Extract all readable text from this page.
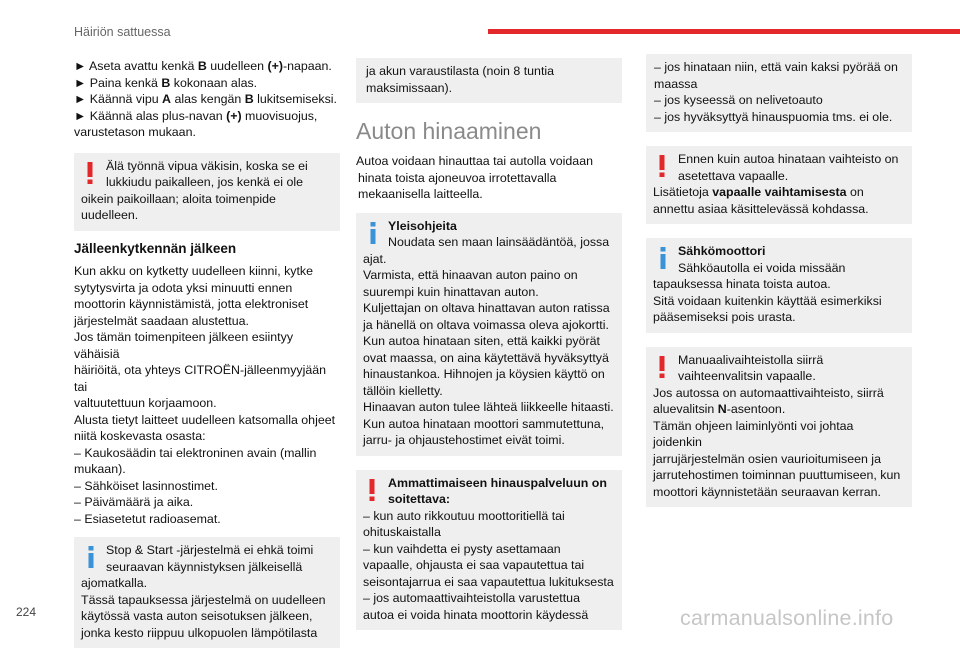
Häiriön sattuessa

► Aseta avattu kenkä B uudelleen (+)-napaan.
► Paina kenkä B kokonaan alas.
► Käännä vipu A alas kengän B lukitsemiseksi.
► Käännä alas plus-navan (+) muovisuojus,
varustetason mukaan.

Älä työnnä vipua väkisin, koska se ei
lukkiudu paikalleen, jos kenkä ei ole
oikein paikoillaan; aloita toimenpide
uudelleen.
Jälleenkytkennän jälkeen

Kun akku on kytketty uudelleen kiinni, kytke
sytytysvirta ja odota yksi minuutti ennen
moottorin käynnistämistä, jotta elektroniset
järjestelmät saadaan alustettua.
Jos tämän toimenpiteen jälkeen esiintyy vähäisiä
häiriöitä, ota yhteys CITROËN-jälleenmyyjään tai
valtuutettuun korjaamoon.
Alusta tietyt laitteet uudelleen katsomalla ohjeet
niitä koskevasta osasta:
– Kaukosäädin tai elektroninen avain (mallin
mukaan).
– Sähköiset lasinnostimet.
– Päivämäärä ja aika.
– Esiasetetut radioasemat.

Stop & Start -järjestelmä ei ehkä toimi
seuraavan käynnistyksen jälkeisellä
ajomatkalla.
Tässä tapauksessa järjestelmä on uudelleen
käytössä vasta auton seisotuksen jälkeen,
jonka kesto riippuu ulkopuolen lämpötilasta
ja akun varaustilasta (noin 8 tuntia
maksimissaan).
Auton hinaaminen

Autoa voidaan hinauttaa tai autolla voidaan
hinata toista ajoneuvoa irrotettavalla
mekaanisella laitteella.

Yleisohjeita
Noudata sen maan lainsäädäntöä, jossa
ajat.
Varmista, että hinaavan auton paino on
suurempi kuin hinattavan auton.
Kuljettajan on oltava hinattavan auton ratissa
ja hänellä on oltava voimassa oleva ajokortti.
Kun autoa hinataan siten, että kaikki pyörät
ovat maassa, on aina käytettävä hyväksyttyä
hinaustankoa. Hihnojen ja köysien käyttö on
tällöin kielletty.
Hinaavan auton tulee lähteä liikkeelle hitaasti.
Kun autoa hinataan moottori sammutettuna,
jarru- ja ohjaustehostimet eivät toimi.
Ammattimaiseen hinauspalveluun on
soitettava:
– kun auto rikkoutuu moottoritiellä tai
ohituskaistalla
– kun vaihdetta ei pysty asettamaan
vapaalle, ohjausta ei saa vapautettua tai
seisontajarrua ei saa vapautettua lukituksesta
– jos automaattivaihteistolla varustettua
autoa ei voida hinata moottorin käydessä
– jos hinataan niin, että vain kaksi pyörää on
maassa
– jos kyseessä on nelivetoauto
– jos hyväksyttyä hinauspuomia tms. ei ole.
Ennen kuin autoa hinataan vaihteisto on
asetettava vapaalle.
Lisätietoja vapaalle vaihtamisesta on
annettu asiaa käsittelevässä kohdassa.
Sähkömoottori
Sähköautolla ei voida missään
tapauksessa hinata toista autoa.
Sitä voidaan kuitenkin käyttää esimerkiksi
pääsemiseksi pois urasta.
Manuaalivaihteistolla siirrä
vaihteenvalitsin vapaalle.
Jos autossa on automaattivaihteisto, siirrä
aluevalitsin N-asentoon.
Tämän ohjeen laiminlyönti voi johtaa joidenkin
jarrujärjestelmän osien vaurioitumiseen ja
jarrutehostimen toiminnan puuttumiseen, kun
moottori käynnistetään seuraavan kerran.
224	carmanualsonline.info
